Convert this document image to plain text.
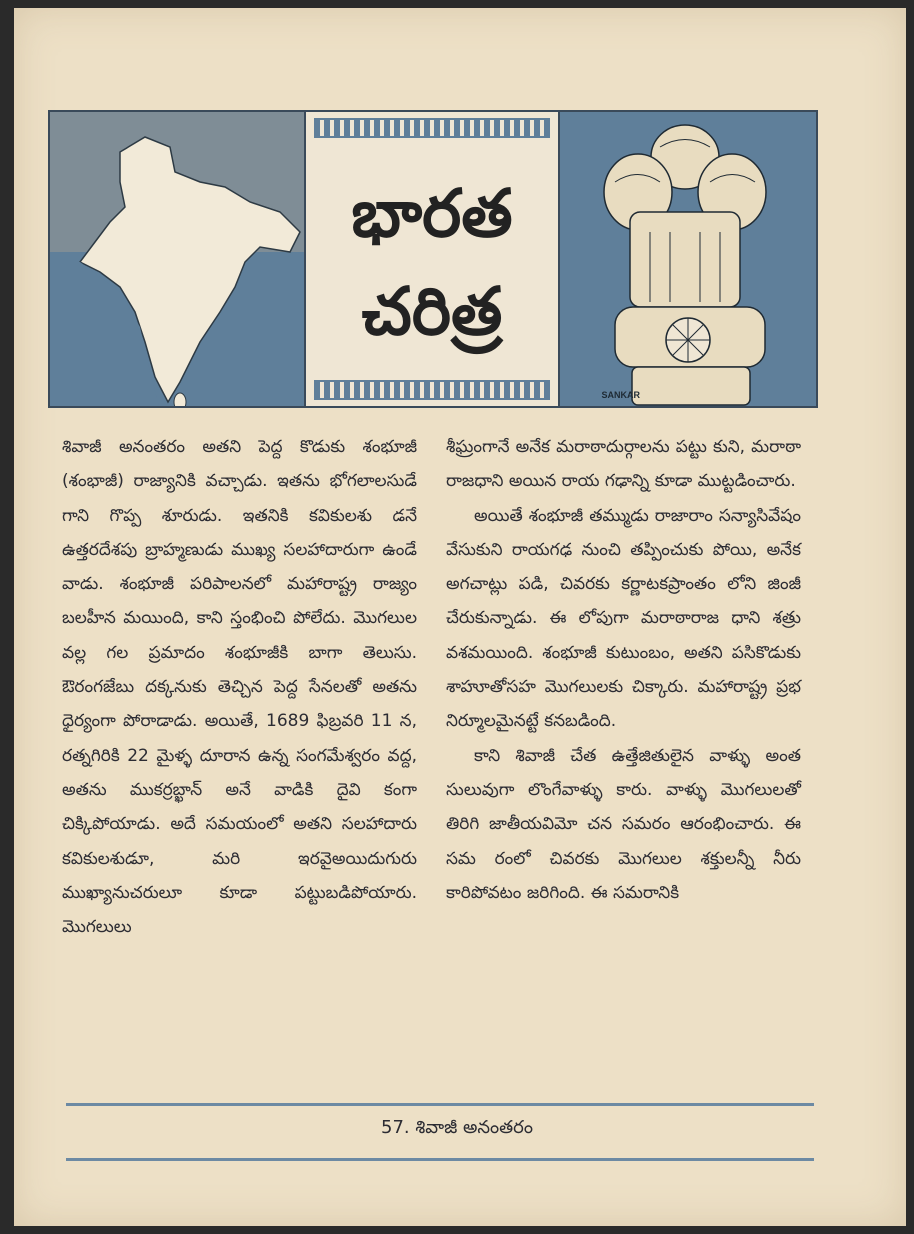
భారత
చరిత్ర
SANKAR

శివాజీ అనంతరం అతని పెద్ద కొడుకు శంభూజీ (శంభాజీ) రాజ్యానికి వచ్చాడు. ఇతను భోగలాలసుడే గాని గొప్ప శూరుడు. ఇతనికి కవికులశు డనే ఉత్తరదేశపు బ్రాహ్మణుడు ముఖ్య సలహాదారుగా ఉండే వాడు. శంభూజీ పరిపాలనలో మహారాష్ట్ర రాజ్యం బలహీన మయింది, కాని స్తంభించి పోలేదు. మొగలుల వల్ల గల ప్రమాదం శంభూజీకి బాగా తెలుసు. ఔరంగజేబు దక్కనుకు తెచ్చిన పెద్ద సేనలతో అతను ధైర్యంగా పోరాడాడు. అయితే, 1689 ఫిబ్రవరి 11 న, రత్నగిరికి 22 మైళ్ళ దూరాన ఉన్న సంగమేశ్వరం వద్ద, అతను ముకర్రబ్ఖాన్ అనే వాడికి దైవి కంగా చిక్కిపోయాడు. అదే సమయంలో అతని సలహాదారు కవికులశుడూ, మరి ఇరవైఅయిదుగురు ముఖ్యానుచరులూ కూడా పట్టుబడిపోయారు. మొగలులు

శీఘ్రంగానే అనేక మరాఠాదుర్గాలను పట్టు కుని, మరాఠా రాజధాని అయిన రాయ గఢాన్ని కూడా ముట్టడించారు.

అయితే శంభూజీ తమ్ముడు రాజారాం సన్యాసివేషం వేసుకుని రాయగఢ నుంచి తప్పించుకు పోయి, అనేక అగచాట్లు పడి, చివరకు కర్ణాటకప్రాంతం లోని జింజీ చేరుకున్నాడు. ఈ లోపుగా మరాఠారాజ ధాని శత్రు వశమయింది. శంభూజీ కుటుంబం, అతని పసికొడుకు శాహూతోసహ మొగలులకు చిక్కారు. మహారాష్ట్ర ప్రభ నిర్మూలమైనట్టే కనబడింది.

కాని శివాజీ చేత ఉత్తేజితులైన వాళ్ళు అంత సులువుగా లొంగేవాళ్ళు కారు. వాళ్ళు మొగలులతో తిరిగి జాతీయవిమో చన సమరం ఆరంభించారు. ఈ సమ రంలో చివరకు మొగలుల శక్తులన్నీ నీరు కారిపోవటం జరిగింది. ఈ సమరానికి

57. శివాజీ అనంతరం
